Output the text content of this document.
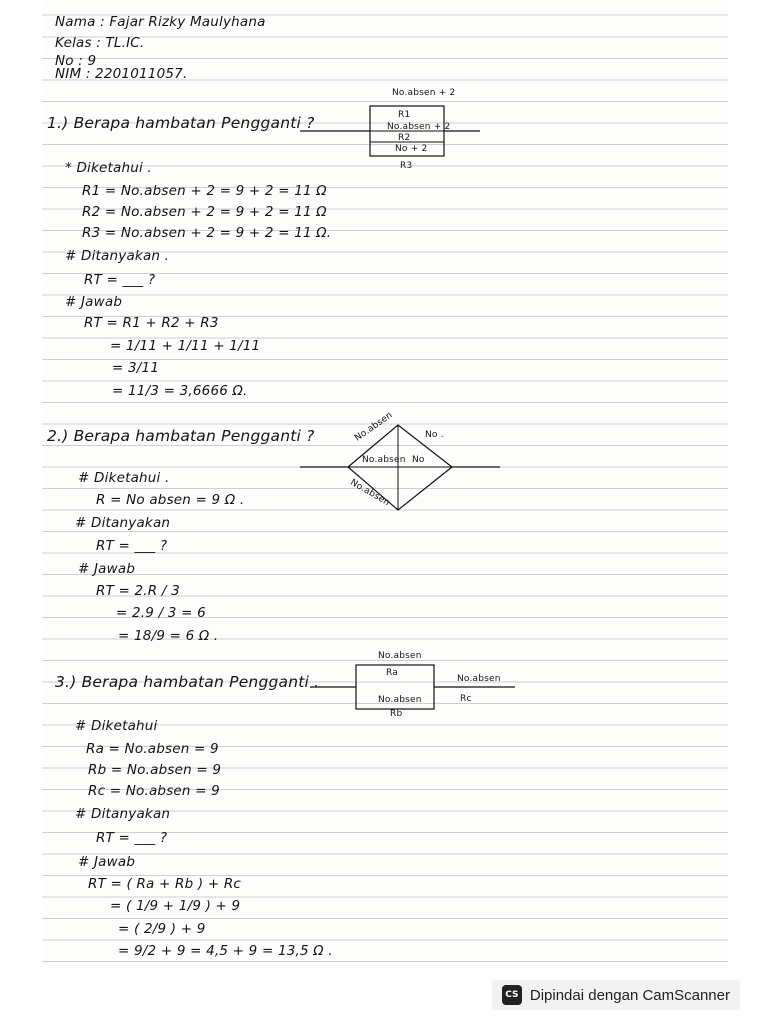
Nama : Fajar Rizky Maulyhana
Kelas : TL.IC.
No : 9
NIM : 2201011057.
1.) Berapa hambatan Pengganti ?
No.absen + 2
R1
No.absen + 2
R2
No + 2
R3
* Diketahui .
R1 = No.absen + 2 = 9 + 2 = 11 Ω
R2 = No.absen + 2 = 9 + 2 = 11 Ω
R3 = No.absen + 2 = 9 + 2 = 11 Ω.
# Ditanyakan .
RT = ___ ?
# Jawab
RT = R1 + R2 + R3
= 1/11 + 1/11 + 1/11
= 3/11
= 11/3 = 3,6666 Ω.
2.) Berapa hambatan Pengganti ?	No.absen	No .
No.absen No
No.absen
# Diketahui .
R = No absen = 9 Ω .
# Ditanyakan
RT = ___ ?
# Jawab
RT = 2.R / 3
= 2.9 / 3 = 6
= 18/9 = 6 Ω .
3.) Berapa hambatan Pengganti .
No.absen
Ra
No.absen
Rb
No.absen
Rc
# Diketahui
Ra = No.absen = 9
Rb = No.absen = 9
Rc = No.absen = 9
# Ditanyakan
RT = ___ ?
# Jawab
RT = ( Ra + Rb ) + Rc
= ( 1/9 + 1/9 ) + 9
= ( 2/9 ) + 9
= 9/2 + 9 = 4,5 + 9 = 13,5 Ω .
CS Dipindai dengan CamScanner
